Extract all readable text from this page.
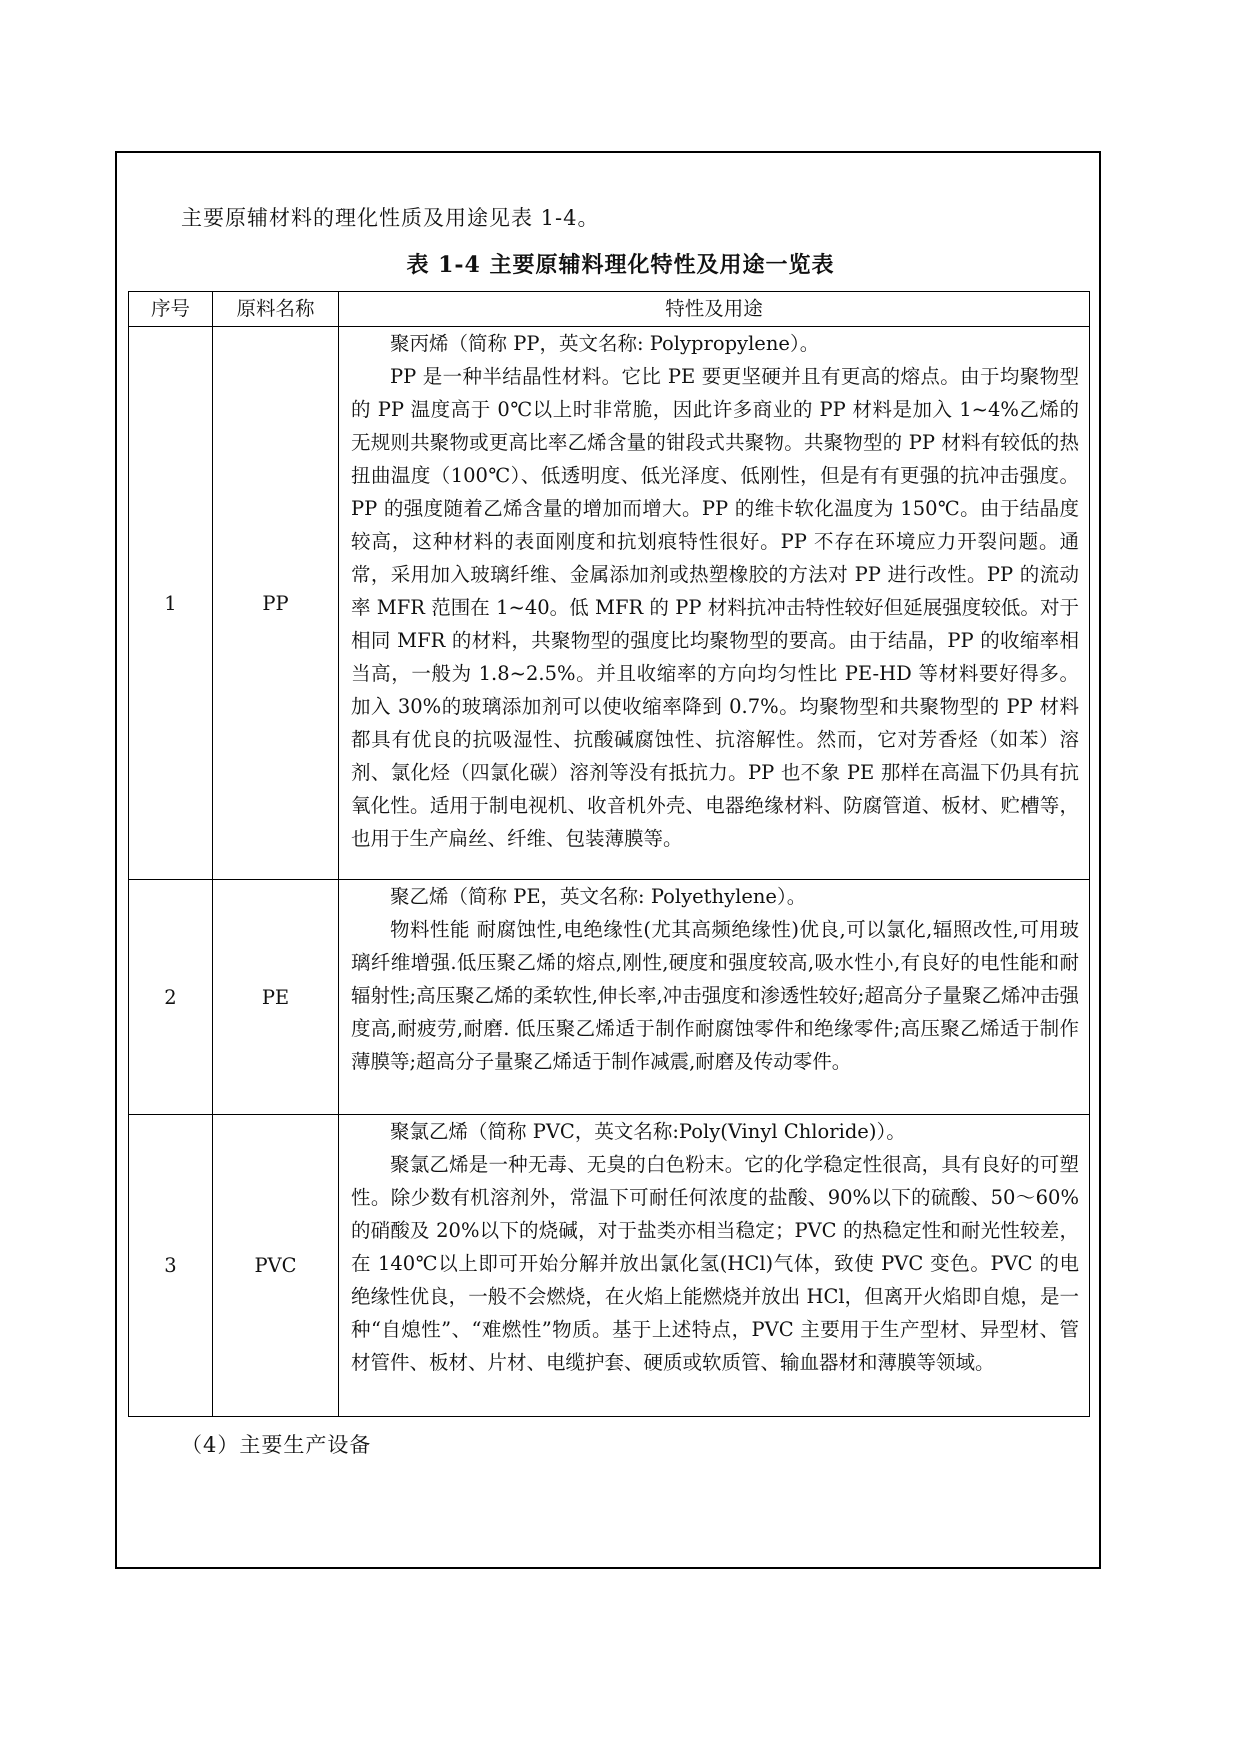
主要原辅材料的理化性质及用途见表 1-4。
表 1-4 主要原辅料理化特性及用途一览表
序号	原料名称	特性及用途
1	PP	聚丙烯（简称 PP，英文名称: Polypropylene）。

PP 是一种半结晶性材料。它比 PE 要更坚硬并且有更高的熔点。由于均聚物型的 PP 温度高于 0℃以上时非常脆，因此许多商业的 PP 材料是加入 1~4%乙烯的无规则共聚物或更高比率乙烯含量的钳段式共聚物。共聚物型的 PP 材料有较低的热扭曲温度（100℃）、低透明度、低光泽度、低刚性，但是有有更强的抗冲击强度。PP 的强度随着乙烯含量的增加而增大。PP 的维卡软化温度为 150℃。由于结晶度较高，这种材料的表面刚度和抗划痕特性很好。PP 不存在环境应力开裂问题。通常，采用加入玻璃纤维、金属添加剂或热塑橡胶的方法对 PP 进行改性。PP 的流动率 MFR 范围在 1~40。低 MFR 的 PP 材料抗冲击特性较好但延展强度较低。对于相同 MFR 的材料，共聚物型的强度比均聚物型的要高。由于结晶，PP 的收缩率相当高，一般为 1.8~2.5%。并且收缩率的方向均匀性比 PE-HD 等材料要好得多。加入 30%的玻璃添加剂可以使收缩率降到 0.7%。均聚物型和共聚物型的 PP 材料都具有优良的抗吸湿性、抗酸碱腐蚀性、抗溶解性。然而，它对芳香烃（如苯）溶剂、氯化烃（四氯化碳）溶剂等没有抵抗力。PP 也不象 PE 那样在高温下仍具有抗氧化性。适用于制电视机、收音机外壳、电器绝缘材料、防腐管道、板材、贮槽等，也用于生产扁丝、纤维、包装薄膜等。

2	PE	聚乙烯（简称 PE，英文名称: Polyethylene）。

物料性能 耐腐蚀性,电绝缘性(尤其高频绝缘性)优良,可以氯化,辐照改性,可用玻璃纤维增强.低压聚乙烯的熔点,刚性,硬度和强度较高,吸水性小,有良好的电性能和耐辐射性;高压聚乙烯的柔软性,伸长率,冲击强度和渗透性较好;超高分子量聚乙烯冲击强度高,耐疲劳,耐磨. 低压聚乙烯适于制作耐腐蚀零件和绝缘零件;高压聚乙烯适于制作薄膜等;超高分子量聚乙烯适于制作减震,耐磨及传动零件。

3	PVC	聚氯乙烯（简称 PVC，英文名称:Poly(Vinyl Chloride)）。

聚氯乙烯是一种无毒、无臭的白色粉末。它的化学稳定性很高，具有良好的可塑性。除少数有机溶剂外，常温下可耐任何浓度的盐酸、90%以下的硫酸、50～60%的硝酸及 20%以下的烧碱，对于盐类亦相当稳定；PVC 的热稳定性和耐光性较差，在 140℃以上即可开始分解并放出氯化氢(HCl)气体，致使 PVC 变色。PVC 的电绝缘性优良，一般不会燃烧，在火焰上能燃烧并放出 HCl，但离开火焰即自熄，是一种“自熄性”、“难燃性”物质。基于上述特点，PVC 主要用于生产型材、异型材、管材管件、板材、片材、电缆护套、硬质或软质管、输血器材和薄膜等领域。

（4）主要生产设备
